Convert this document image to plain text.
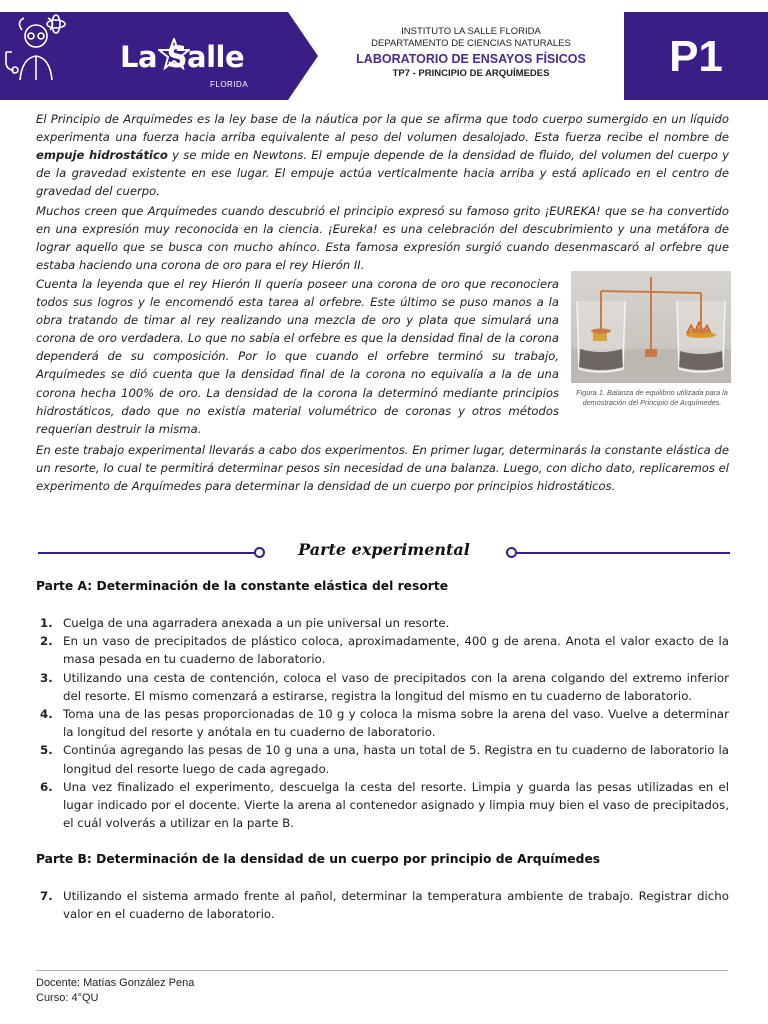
La Salle
FLORIDA
INSTITUTO LA SALLE FLORIDA
DEPARTAMENTO DE CIENCIAS NATURALES
LABORATORIO DE ENSAYOS FÍSICOS
TP7 - PRINCIPIO DE ARQUÍMEDES	P1

El Principio de Arquímedes es la ley base de la náutica por la que se afirma que todo cuerpo sumergido en un líquido experimenta una fuerza hacia arriba equivalente al peso del volumen desalojado. Esta fuerza recibe el nombre de empuje hidrostático y se mide en Newtons. El empuje depende de la densidad de fluido, del volumen del cuerpo y de la gravedad existente en ese lugar. El empuje actúa verticalmente hacia arriba y está aplicado en el centro de gravedad del cuerpo.

Muchos creen que Arquímedes cuando descubrió el principio expresó su famoso grito ¡EUREKA! que se ha convertido en una expresión muy reconocida en la ciencia. ¡Eureka! es una celebración del descubrimiento y una metáfora de lograr aquello que se busca con mucho ahínco. Esta famosa expresión surgió cuando desenmascaró al orfebre que estaba haciendo una corona de oro para el rey Hierón II.

Cuenta la leyenda que el rey Hierón II quería poseer una corona de oro que reconociera todos sus logros y le encomendó esta tarea al orfebre. Este último se puso manos a la obra tratando de timar al rey realizando una mezcla de oro y plata que simulará una corona de oro verdadera. Lo que no sabía el orfebre es que la densidad final de la corona dependerá de su composición. Por lo que cuando el orfebre terminó su trabajo, Arquímedes se dió cuenta que la densidad final de la corona no equivalía a la de una corona hecha 100% de oro. La densidad de la corona la determinó mediante principios hidrostáticos, dado que no existía material volumétrico de coronas y otros métodos requerían destruir la misma.

Figura 1. Balanza de equilibrio utilizada para la demostración del Principio de Arquímedes.

En este trabajo experimental llevarás a cabo dos experimentos. En primer lugar, determinarás la constante elástica de un resorte, lo cual te permitirá determinar pesos sin necesidad de una balanza. Luego, con dicho dato, replicaremos el experimento de Arquímedes para determinar la densidad de un cuerpo por principios hidrostáticos.

Parte experimental
Parte A: Determinación de la constante elástica del resorte
1. Cuelga de una agarradera anexada a un pie universal un resorte.
2. En un vaso de precipitados de plástico coloca, aproximadamente, 400 g de arena. Anota el valor exacto de la masa pesada en tu cuaderno de laboratorio.
3. Utilizando una cesta de contención, coloca el vaso de precipitados con la arena colgando del extremo inferior del resorte. El mismo comenzará a estirarse, registra la longitud del mismo en tu cuaderno de laboratorio.
4. Toma una de las pesas proporcionadas de 10 g y coloca la misma sobre la arena del vaso. Vuelve a determinar la longitud del resorte y anótala en tu cuaderno de laboratorio.
5. Continúa agregando las pesas de 10 g una a una, hasta un total de 5. Registra en tu cuaderno de laboratorio la longitud del resorte luego de cada agregado.
6. Una vez finalizado el experimento, descuelga la cesta del resorte. Limpia y guarda las pesas utilizadas en el lugar indicado por el docente. Vierte la arena al contenedor asignado y limpia muy bien el vaso de precipitados, el cuál volverás a utilizar en la parte B.
Parte B: Determinación de la densidad de un cuerpo por principio de Arquímedes
7. Utilizando el sistema armado frente al pañol, determinar la temperatura ambiente de trabajo. Registrar dicho valor en el cuaderno de laboratorio.
Docente: Matías González Pena
Curso: 4°QU
